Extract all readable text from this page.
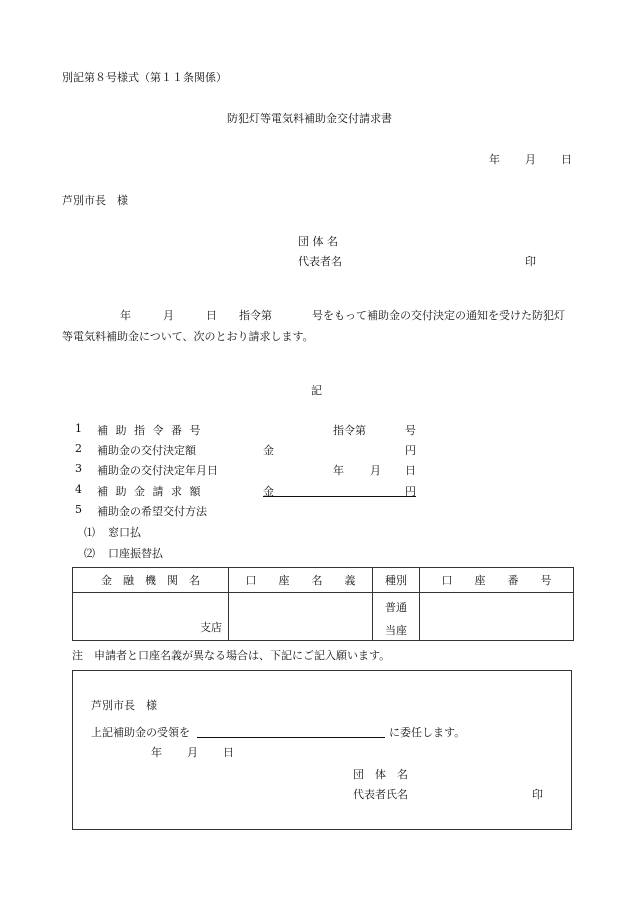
別記第８号様式（第１１条関係）
防犯灯等電気料補助金交付請求書
年 月 日
芦別市長　様
団 体 名
代表者名	印
年	月	日 指令第	号をもって補助金の交付決定の通知を受けた防犯灯
等電気料補助金について、次のとおり請求します。
記
1 補 助 指 令 番 号	指令第	号
2 補助金の交付決定額	金	円
3 補助金の交付決定年月日	年 月 日
4 補 助 金 請 求 額	金	円
5 補助金の希望交付方法
⑴ 窓口払
⑵ 口座振替払
金　融　機　関　名	口　　座　　名　　義	種別	口　　座　　番　　号

支店		普通
当座	

注　申請者と口座名義が異なる場合は、下記にご記入願います。
芦別市長　様
上記補助金の受領を	に委任します。
年 月 日
団　体　名
代表者氏名	印
